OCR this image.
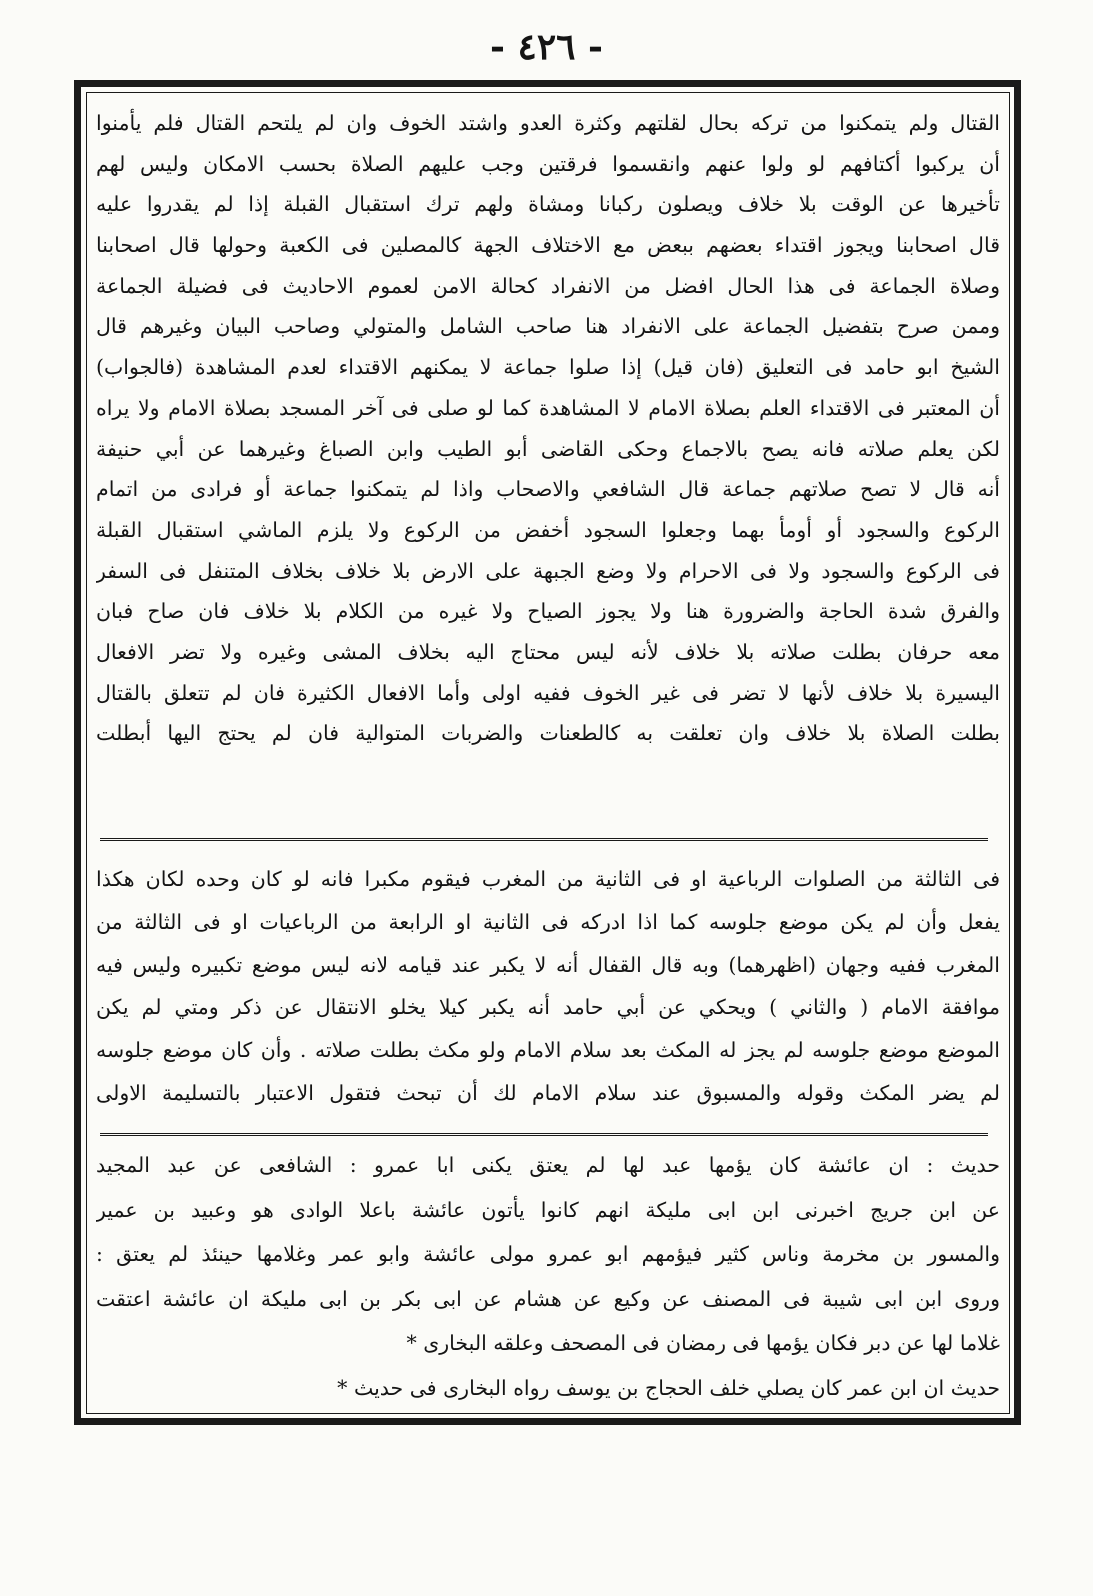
- ٤٢٦ -
القتال ولم يتمكنوا من تركه بحال لقلتهم وكثرة العدو واشتد الخوف وان لم يلتحم القتال فلم يأمنوا
أن يركبوا أكتافهم لو ولوا عنهم وانقسموا فرقتين وجب عليهم الصلاة بحسب الامكان وليس لهم
تأخيرها عن الوقت بلا خلاف ويصلون ركبانا ومشاة ولهم ترك استقبال القبلة إذا لم يقدروا عليه
قال اصحابنا ويجوز اقتداء بعضهم ببعض مع الاختلاف الجهة كالمصلين فى الكعبة وحولها قال اصحابنا
وصلاة الجماعة فى هذا الحال افضل من الانفراد كحالة الامن لعموم الاحاديث فى فضيلة الجماعة
وممن صرح بتفضيل الجماعة على الانفراد هنا صاحب الشامل والمتولي وصاحب البيان وغيرهم قال
الشيخ ابو حامد فى التعليق (فان قيل) إذا صلوا جماعة لا يمكنهم الاقتداء لعدم المشاهدة (فالجواب)
أن المعتبر فى الاقتداء العلم بصلاة الامام لا المشاهدة كما لو صلى فى آخر المسجد بصلاة الامام ولا يراه
لكن يعلم صلاته فانه يصح بالاجماع وحكى القاضى أبو الطيب وابن الصباغ وغيرهما عن أبي حنيفة
أنه قال لا تصح صلاتهم جماعة قال الشافعي والاصحاب واذا لم يتمكنوا جماعة أو فرادى من اتمام
الركوع والسجود أو أومأ بهما وجعلوا السجود أخفض من الركوع ولا يلزم الماشي استقبال القبلة
فى الركوع والسجود ولا فى الاحرام ولا وضع الجبهة على الارض بلا خلاف بخلاف المتنفل فى السفر
والفرق شدة الحاجة والضرورة هنا ولا يجوز الصياح ولا غيره من الكلام بلا خلاف فان صاح فبان
معه حرفان بطلت صلاته بلا خلاف لأنه ليس محتاج اليه بخلاف المشى وغيره ولا تضر الافعال
اليسيرة بلا خلاف لأنها لا تضر فى غير الخوف ففيه اولى وأما الافعال الكثيرة فان لم تتعلق بالقتال
بطلت الصلاة بلا خلاف وان تعلقت به كالطعنات والضربات المتوالية فان لم يحتج اليها أبطلت
فى الثالثة من الصلوات الرباعية او فى الثانية من المغرب فيقوم مكبرا فانه لو كان وحده لكان هكذا
يفعل وأن لم يكن موضع جلوسه كما اذا ادركه فى الثانية او الرابعة من الرباعيات او فى الثالثة من
المغرب ففيه وجهان (اظهرهما) وبه قال القفال أنه لا يكبر عند قيامه لانه ليس موضع تكبيره وليس فيه
موافقة الامام ( والثاني ) ويحكي عن أبي حامد أنه يكبر كيلا يخلو الانتقال عن ذكر ومتي لم يكن
الموضع موضع جلوسه لم يجز له المكث بعد سلام الامام ولو مكث بطلت صلاته . وأن كان موضع جلوسه
لم يضر المكث وقوله والمسبوق عند سلام الامام لك أن تبحث فتقول الاعتبار بالتسليمة الاولى
حديث : ان عائشة كان يؤمها عبد لها لم يعتق يكنى ابا عمرو : الشافعى عن عبد المجيد
عن ابن جريج اخبرنى ابن ابى مليكة انهم كانوا يأتون عائشة باعلا الوادى هو وعبيد بن عمير
والمسور بن مخرمة وناس كثير فيؤمهم ابو عمرو مولى عائشة وابو عمر وغلامها حينئذ لم يعتق :
وروى ابن ابى شيبة فى المصنف عن وكيع عن هشام عن ابى بكر بن ابى مليكة ان عائشة اعتقت
غلاما لها عن دبر فكان يؤمها فى رمضان فى المصحف وعلقه البخارى *
حديث ان ابن عمر كان يصلي خلف الحجاج بن يوسف رواه البخارى فى حديث *
